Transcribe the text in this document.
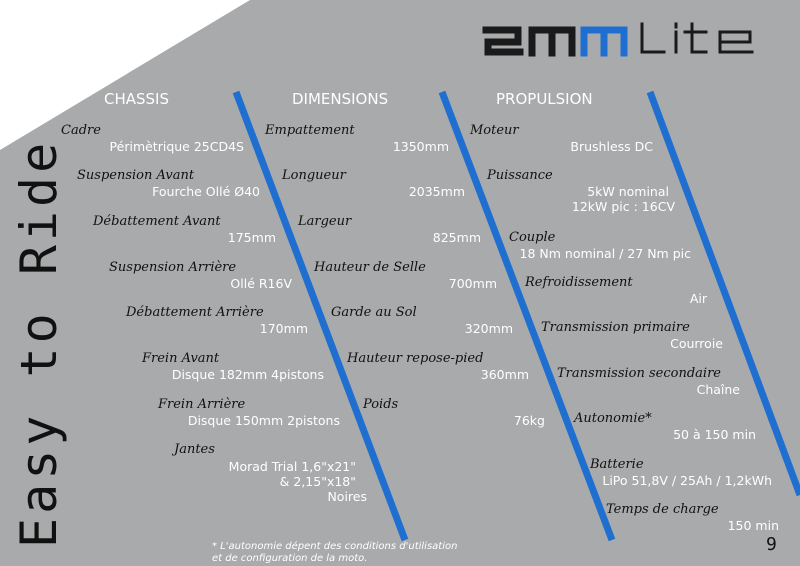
Easy to Ride
CHASSIS	DIMENSIONS	PROPULSION
Cadre
Périmètrique 25CD4S
Suspension Avant
Fourche Ollé Ø40
Débattement Avant
175mm
Suspension Arrière
Ollé R16V
Débattement Arrière
170mm
Frein Avant
Disque 182mm 4pistons
Frein Arrière
Disque 150mm 2pistons
Jantes
Morad Trial 1,6"x21"
& 2,15"x18"
Noires
Empattement
1350mm
Longueur
2035mm
Largeur
825mm
Hauteur de Selle
700mm
Garde au Sol
320mm
Hauteur repose-pied
360mm
Poids
76kg
Moteur
Brushless DC
Puissance
5kW nominal
12kW pic : 16CV
Couple
18 Nm nominal / 27 Nm pic
Refroidissement
Air
Transmission primaire
Courroie
Transmission secondaire
Chaîne
Autonomie*
50 à 150 min
Batterie
LiPo 51,8V / 25Ah / 1,2kWh
Temps de charge
150 min
* L'autonomie dépent des conditions d'utilisation
et de configuration de la moto.
9
